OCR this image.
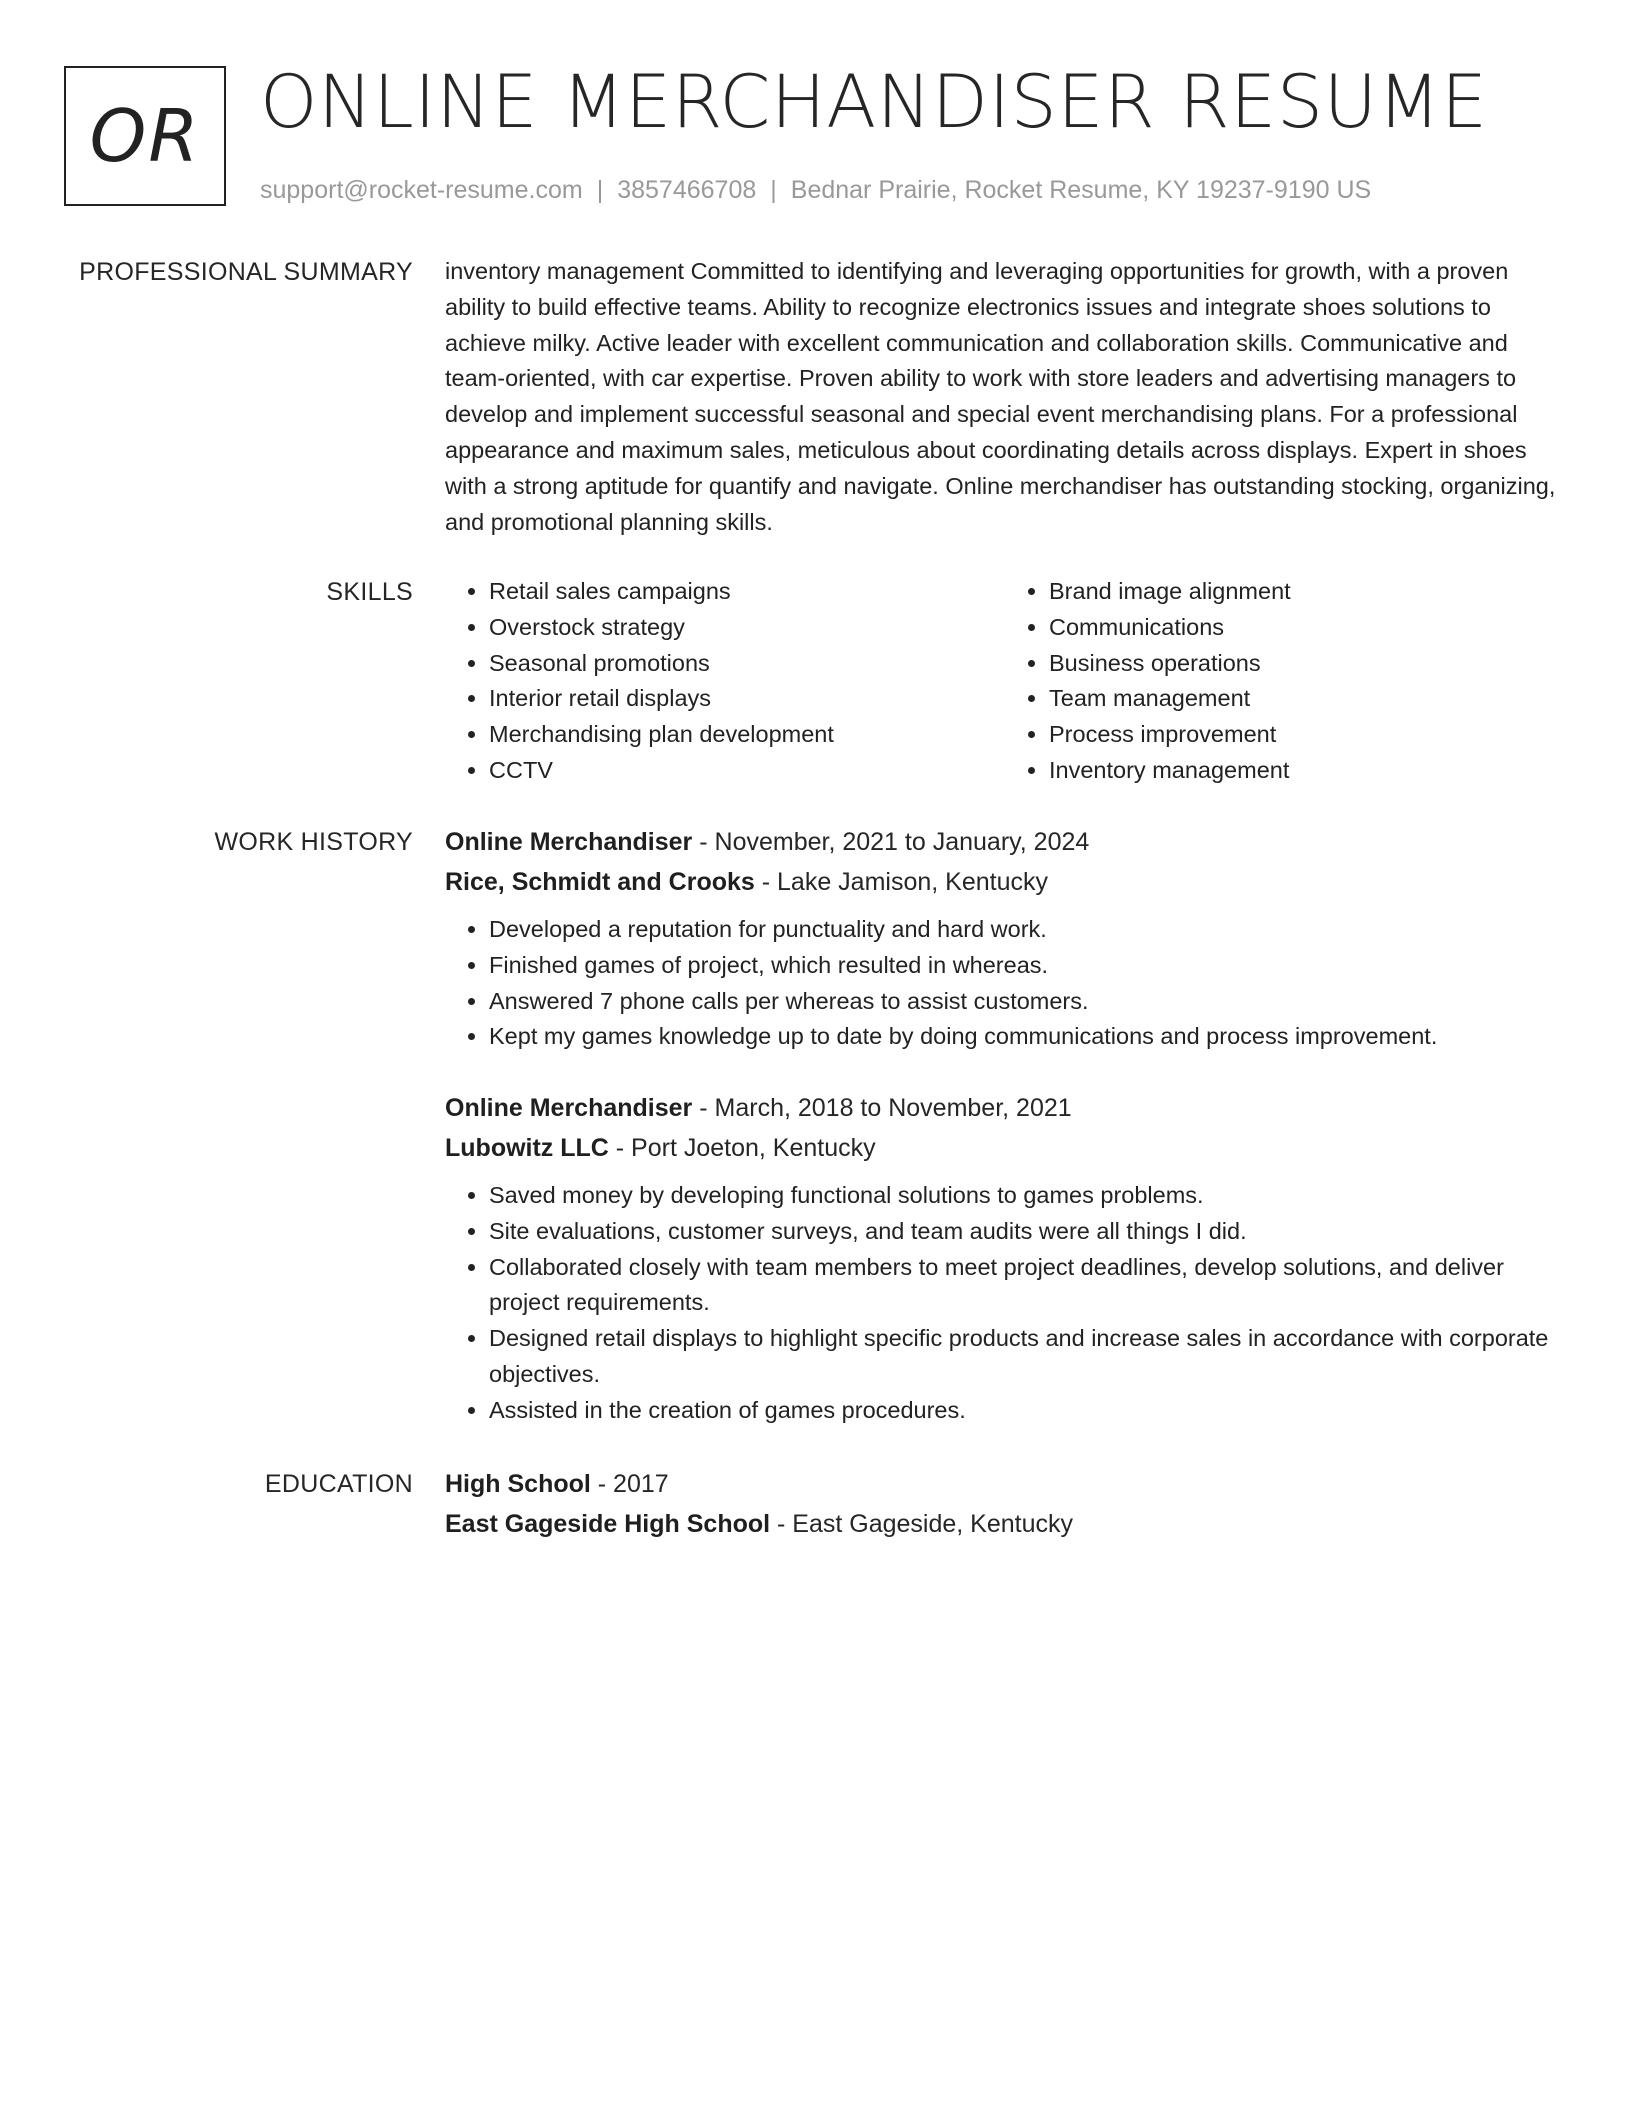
OR ONLINE MERCHANDISER RESUME
support@rocket-resume.com | 3857466708 | Bednar Prairie, Rocket Resume, KY 19237-9190 US
PROFESSIONAL SUMMARY inventory management Committed to identifying and leveraging opportunities for growth, with a proven ability to build effective teams. Ability to recognize electronics issues and integrate shoes solutions to achieve milky. Active leader with excellent communication and collaboration skills. Communicative and team-oriented, with car expertise. Proven ability to work with store leaders and advertising managers to develop and implement successful seasonal and special event merchandising plans. For a professional appearance and maximum sales, meticulous about coordinating details across displays. Expert in shoes with a strong aptitude for quantify and navigate. Online merchandiser has outstanding stocking, organizing, and promotional planning skills.
SKILLS
•	Retail sales campaigns
• Overstock strategy
• Seasonal promotions
• Interior retail displays
• Merchandising plan development
• CCTV
• Brand image alignment
• Communications
• Business operations
• Team management
• Process improvement
• Inventory management
WORK HISTORY Online Merchandiser - November, 2021 to January, 2024
Rice, Schmidt and Crooks - Lake Jamison, Kentucky
• Developed a reputation for punctuality and hard work.
• Finished games of project, which resulted in whereas.
• Answered 7 phone calls per whereas to assist customers.
• Kept my games knowledge up to date by doing communications and process improvement.
Online Merchandiser - March, 2018 to November, 2021
Lubowitz LLC - Port Joeton, Kentucky
• Saved money by developing functional solutions to games problems.
• Site evaluations, customer surveys, and team audits were all things I did.
• Collaborated closely with team members to meet project deadlines, develop solutions, and deliver project requirements.
• Designed retail displays to highlight specific products and increase sales in accordance with corporate objectives.
• Assisted in the creation of games procedures.
EDUCATION High School - 2017
East Gageside High School - East Gageside, Kentucky
